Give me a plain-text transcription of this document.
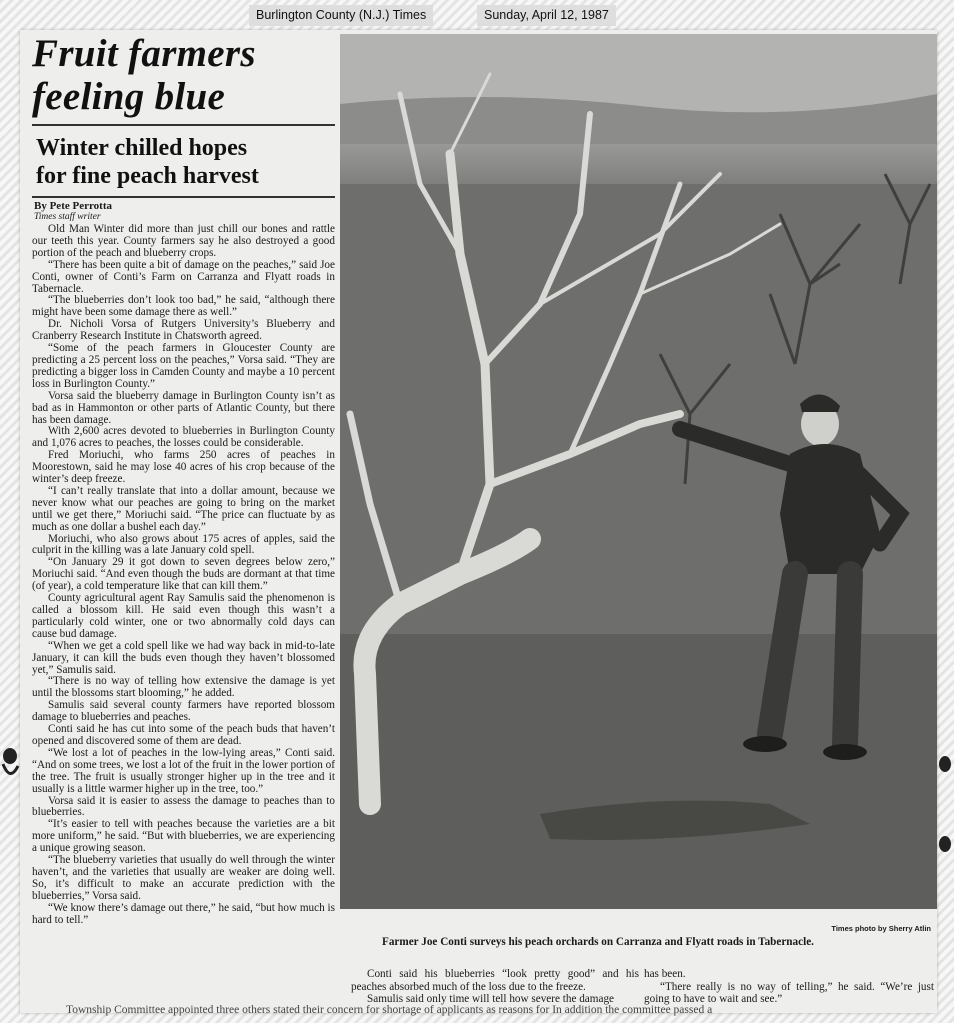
Burlington County (N.J.) Times	Sunday, April 12, 1987
Fruit farmers
feeling blue
Winter chilled hopes
for fine peach harvest
By Pete Perrotta
Times staff writer

Old Man Winter did more than just chill our bones and rattle our teeth this year. County farmers say he also destroyed a good portion of the peach and blueberry crops.

“There has been quite a bit of damage on the peaches,” said Joe Conti, owner of Conti’s Farm on Carranza and Flyatt roads in Tabernacle.

“The blueberries don’t look too bad,” he said, “although there might have been some damage there as well.”

Dr. Nicholi Vorsa of Rutgers University’s Blueberry and Cranberry Research Institute in Chatsworth agreed.

“Some of the peach farmers in Gloucester County are predicting a 25 percent loss on the peaches,” Vorsa said. “They are predicting a bigger loss in Camden County and maybe a 10 percent loss in Burlington County.”

Vorsa said the blueberry damage in Burlington County isn’t as bad as in Hammonton or other parts of Atlantic County, but there has been damage.

With 2,600 acres devoted to blueberries in Burlington County and 1,076 acres to peaches, the losses could be considerable.

Fred Moriuchi, who farms 250 acres of peaches in Moorestown, said he may lose 40 acres of his crop because of the winter’s deep freeze.

“I can’t really translate that into a dollar amount, because we never know what our peaches are going to bring on the market until we get there,” Moriuchi said. “The price can fluctuate by as much as one dollar a bushel each day.”

Moriuchi, who also grows about 175 acres of apples, said the culprit in the killing was a late January cold spell.

“On January 29 it got down to seven degrees below zero,” Moriuchi said. “And even though the buds are dormant at that time (of year), a cold temperature like that can kill them.”

County agricultural agent Ray Samulis said the phenomenon is called a blossom kill. He said even though this wasn’t a particularly cold winter, one or two abnormally cold days can cause bud damage.

“When we get a cold spell like we had way back in mid-to-late January, it can kill the buds even though they haven’t blossomed yet,” Samulis said.

“There is no way of telling how extensive the damage is yet until the blossoms start blooming,” he added.

Samulis said several county farmers have reported blossom damage to blueberries and peaches.

Conti said he has cut into some of the peach buds that haven’t opened and discovered some of them are dead.

“We lost a lot of peaches in the low-lying areas,” Conti said. “And on some trees, we lost a lot of the fruit in the lower portion of the tree. The fruit is usually stronger higher up in the tree and it usually is a little warmer higher up in the tree, too.”

Vorsa said it is easier to assess the damage to peaches than to blueberries.

“It’s easier to tell with peaches because the varieties are a bit more uniform,” he said. “But with blueberries, we are experiencing a unique growing season.

“The blueberry varieties that usually do well through the winter haven’t, and the varieties that usually are weaker are doing well. So, it’s difficult to make an accurate prediction with the blueberries,” Vorsa said.

“We know there’s damage out there,” he said, “but how much is hard to tell.”

Times photo by Sherry Atlin
Farmer Joe Conti surveys his peach orchards on Carranza and Flyatt roads in Tabernacle.

Conti said his blueberries “look pretty good” and his peaches absorbed much of the loss due to the freeze.

Samulis said only time will tell how severe the damage

has been.

“There really is no way of telling,” he said. “We’re just going to have to wait and see.”

Township Committee appointed three others stated their concern for shortage of applicants as reasons for In addition the committee passed a
